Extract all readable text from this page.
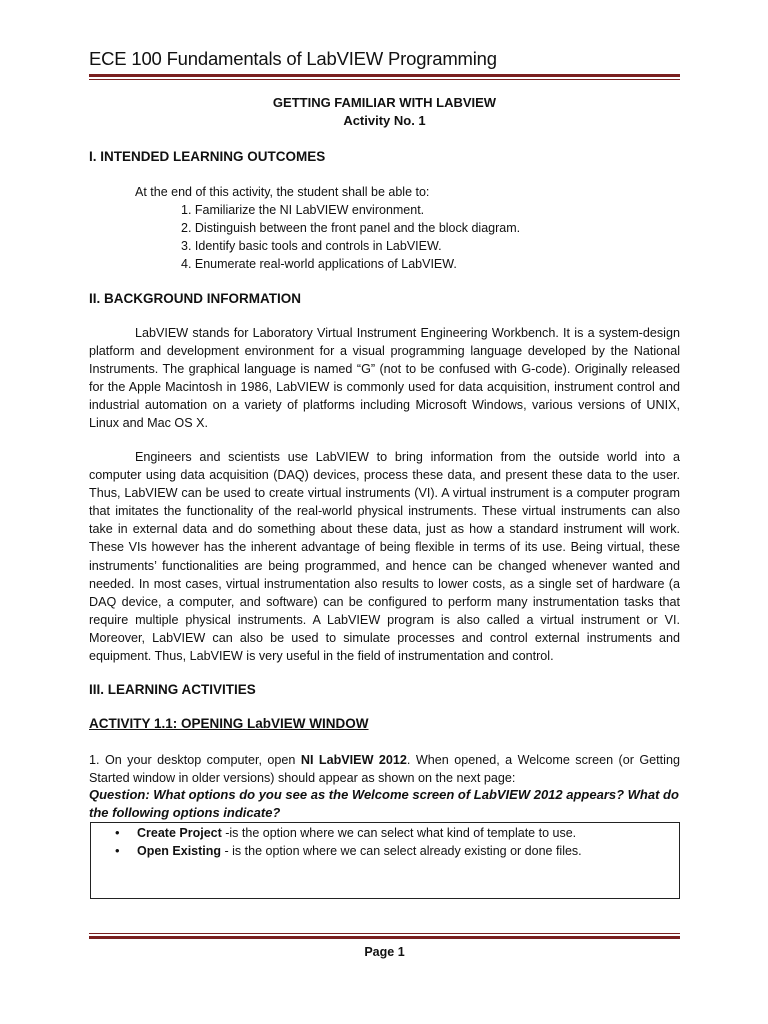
ECE 100 Fundamentals of LabVIEW Programming
GETTING FAMILIAR WITH LABVIEW
Activity No. 1
I. INTENDED LEARNING OUTCOMES
At the end of this activity, the student shall be able to:
1. Familiarize the NI LabVIEW environment.
2. Distinguish between the front panel and the block diagram.
3. Identify basic tools and controls in LabVIEW.
4. Enumerate real-world applications of LabVIEW.
II. BACKGROUND INFORMATION
LabVIEW stands for Laboratory Virtual Instrument Engineering Workbench. It is a system-design platform and development environment for a visual programming language developed by the National Instruments. The graphical language is named “G” (not to be confused with G-code). Originally released for the Apple Macintosh in 1986, LabVIEW is commonly used for data acquisition, instrument control and industrial automation on a variety of platforms including Microsoft Windows, various versions of UNIX, Linux and Mac OS X.
Engineers and scientists use LabVIEW to bring information from the outside world into a computer using data acquisition (DAQ) devices, process these data, and present these data to the user. Thus, LabVIEW can be used to create virtual instruments (VI). A virtual instrument is a computer program that imitates the functionality of the real-world physical instruments. These virtual instruments can also take in external data and do something about these data, just as how a standard instrument will work. These VIs however has the inherent advantage of being flexible in terms of its use. Being virtual, these instruments’ functionalities are being programmed, and hence can be changed whenever wanted and needed. In most cases, virtual instrumentation also results to lower costs, as a single set of hardware (a DAQ device, a computer, and software) can be configured to perform many instrumentation tasks that require multiple physical instruments. A LabVIEW program is also called a virtual instrument or VI. Moreover, LabVIEW can also be used to simulate processes and control external instruments and equipment. Thus, LabVIEW is very useful in the field of instrumentation and control.
III. LEARNING ACTIVITIES
ACTIVITY 1.1: OPENING LabVIEW WINDOW
1. On your desktop computer, open NI LabVIEW 2012. When opened, a Welcome screen (or Getting Started window in older versions) should appear as shown on the next page:
Question: What options do you see as the Welcome screen of LabVIEW 2012 appears? What do the following options indicate?
• Create Project -is the option where we can select what kind of template to use.
• Open Existing - is the option where we can select already existing or done files.
Page 1
